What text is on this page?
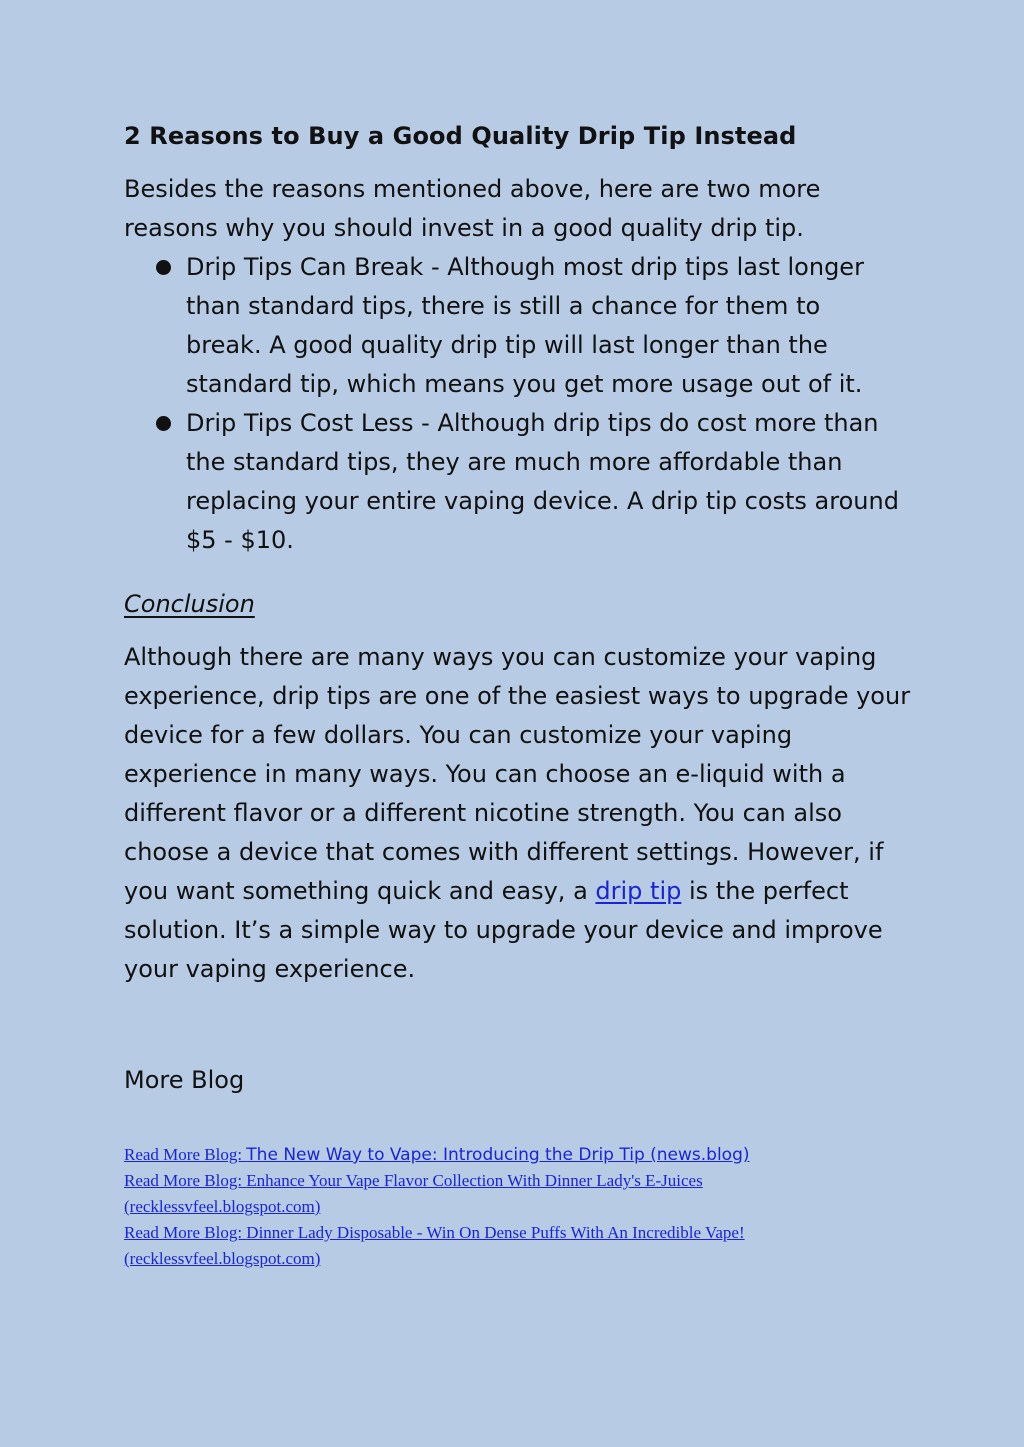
2 Reasons to Buy a Good Quality Drip Tip Instead

Besides the reasons mentioned above, here are two more reasons why you should invest in a good quality drip tip.

Drip Tips Can Break - Although most drip tips last longer than standard tips, there is still a chance for them to break. A good quality drip tip will last longer than the standard tip, which means you get more usage out of it.
Drip Tips Cost Less - Although drip tips do cost more than the standard tips, they are much more affordable than replacing your entire vaping device. A drip tip costs around $5 - $10.
Conclusion

Although there are many ways you can customize your vaping experience, drip tips are one of the easiest ways to upgrade your device for a few dollars. You can customize your vaping experience in many ways. You can choose an e-liquid with a different flavor or a different nicotine strength. You can also choose a device that comes with different settings. However, if you want something quick and easy, a drip tip is the perfect solution. It’s a simple way to upgrade your device and improve your vaping experience.

More Blog
Read More Blog: The New Way to Vape: Introducing the Drip Tip (news.blog)
Read More Blog: Enhance Your Vape Flavor Collection With Dinner Lady's E-Juices (recklessvfeel.blogspot.com)
Read More Blog: Dinner Lady Disposable - Win On Dense Puffs With An Incredible Vape! (recklessvfeel.blogspot.com)
